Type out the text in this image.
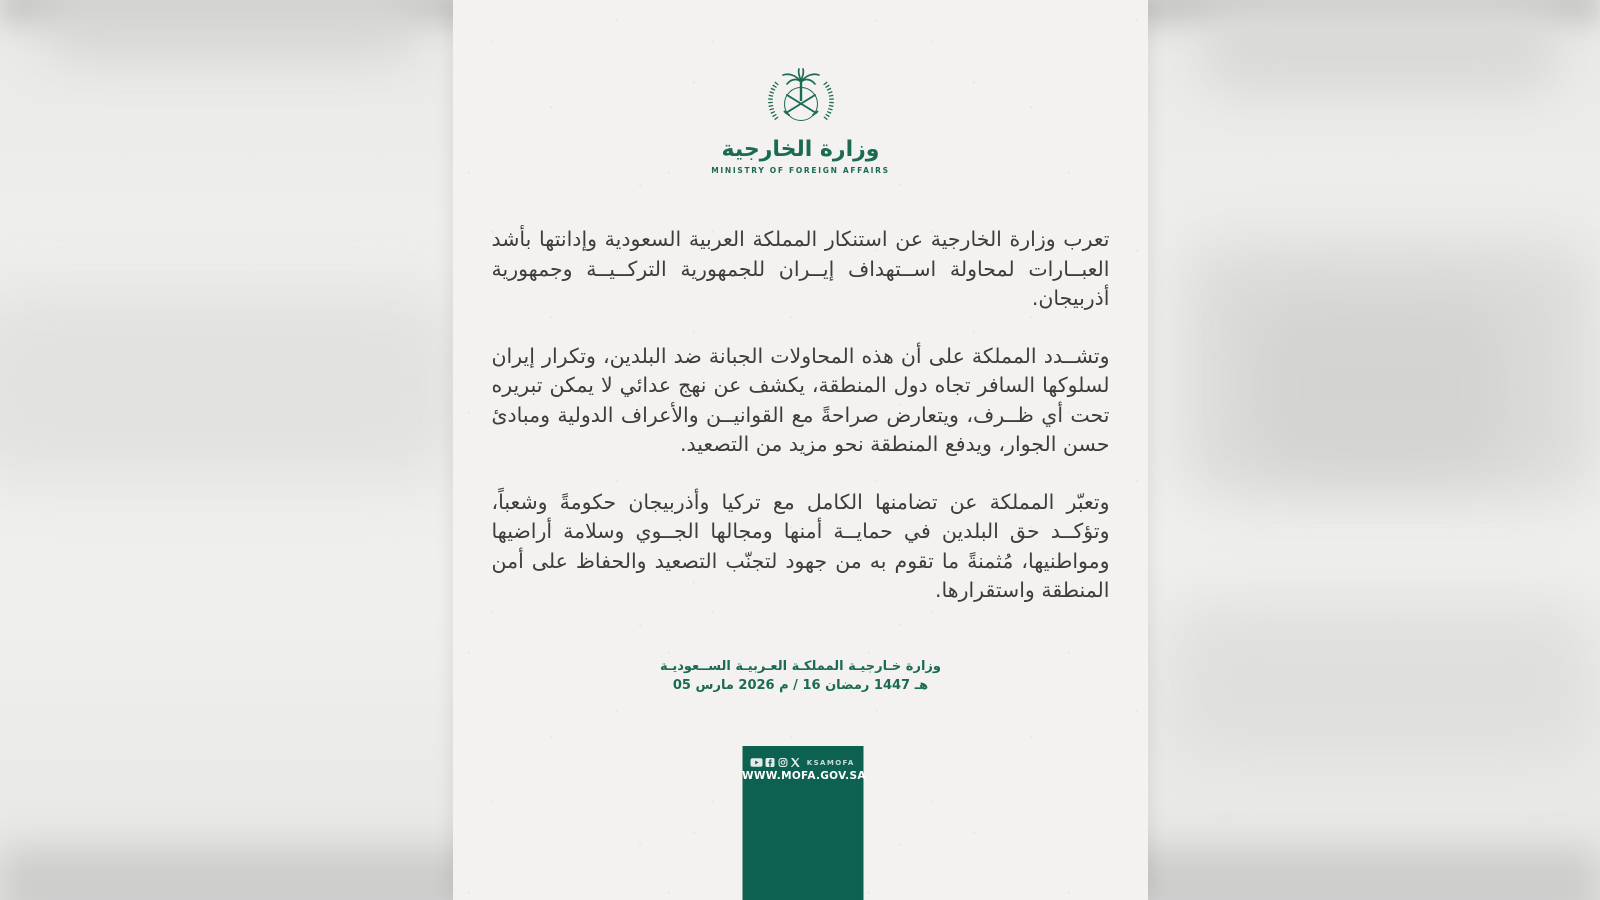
وزارة الخارجية
MINISTRY OF FOREIGN AFFAIRS

تعرب وزارة الخارجية عن استنكار المملكة العربية السعودية وإدانتها بأشد العبــارات لمحاولة اســتهداف إيــران للجمهورية التركــيــة وجمهورية أذربيجان.

وتشــدد المملكة على أن هذه المحاولات الجبانة ضد البلدين، وتكرار إيران لسلوكها السافر تجاه دول المنطقة، يكشف عن نهج عدائي لا يمكن تبريره تحت أي ظــرف، ويتعارض صراحةً مع القوانيــن والأعراف الدولية ومبادئ حسن الجوار، ويدفع المنطقة نحو مزيد من التصعيد.

وتعبّر المملكة عن تضامنها الكامل مع تركيا وأذربيجان حكومةً وشعباً، وتؤكــد حق البلدين في حمايــة أمنها ومجالها الجــوي وسلامة أراضيها ومواطنيها، مُثمنةً ما تقوم به من جهود لتجنّب التصعيد والحفاظ على أمن المنطقة واستقرارها.

وزارة خـارجيـة المملكـة العـربيـة الســعوديـة
05 مارس‎ 2026 م‎ / 16 رمضان‎ 1447 هـ
KSAMOFA
WWW.MOFA.GOV.SA
